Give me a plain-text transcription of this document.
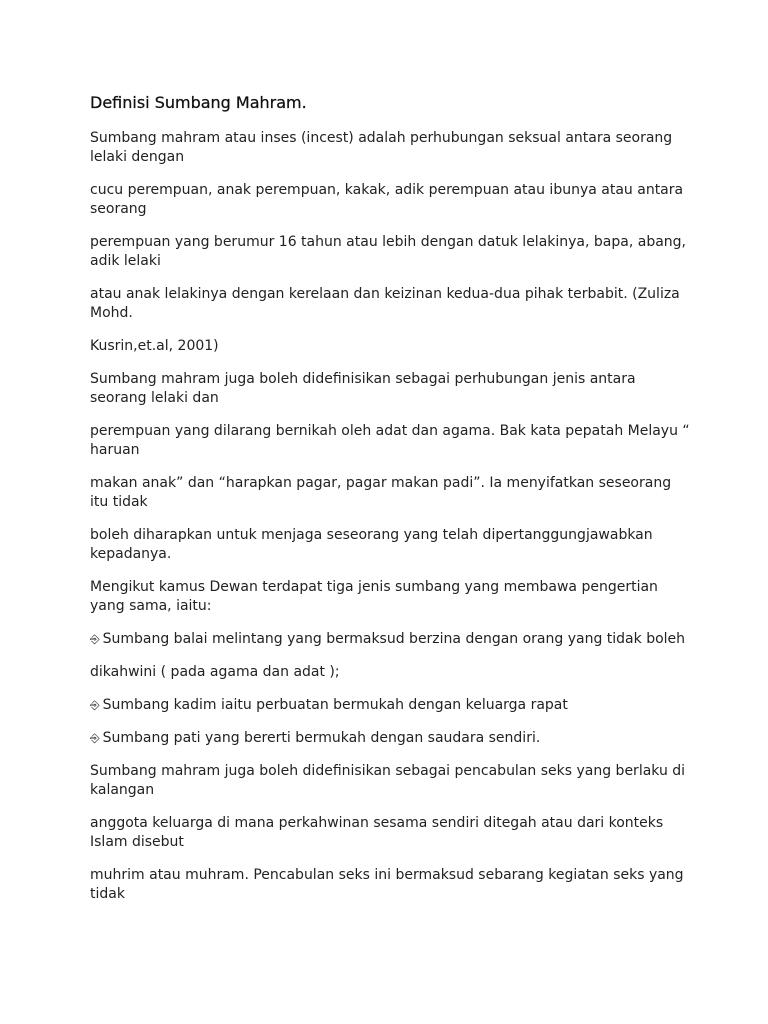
Definisi Sumbang Mahram.

Sumbang mahram atau inses (incest) adalah perhubungan seksual antara seorang lelaki dengan

cucu perempuan, anak perempuan, kakak, adik perempuan atau ibunya atau antara seorang

perempuan yang berumur 16 tahun atau lebih dengan datuk lelakinya, bapa, abang, adik lelaki

atau anak lelakinya dengan kerelaan dan keizinan kedua-dua pihak terbabit. (Zuliza Mohd.

Kusrin,et.al, 2001)

Sumbang mahram juga boleh didefinisikan sebagai perhubungan jenis antara seorang lelaki dan

perempuan yang dilarang bernikah oleh adat dan agama. Bak kata pepatah Melayu “ haruan

makan anak” dan “harapkan pagar, pagar makan padi”. Ia menyifatkan seseorang itu tidak

boleh diharapkan untuk menjaga seseorang yang telah dipertanggungjawabkan kepadanya.

Mengikut kamus Dewan terdapat tiga jenis sumbang yang membawa pengertian yang sama, iaitu:

⎆ Sumbang balai melintang yang bermaksud berzina dengan orang yang tidak boleh

dikahwini ( pada agama dan adat );

⎆ Sumbang kadim iaitu perbuatan bermukah dengan keluarga rapat

⎆ Sumbang pati yang bererti bermukah dengan saudara sendiri.

Sumbang mahram juga boleh didefinisikan sebagai pencabulan seks yang berlaku di kalangan

anggota keluarga di mana perkahwinan sesama sendiri ditegah atau dari konteks Islam disebut

muhrim atau muhram. Pencabulan seks ini bermaksud sebarang kegiatan seks yang tidak
